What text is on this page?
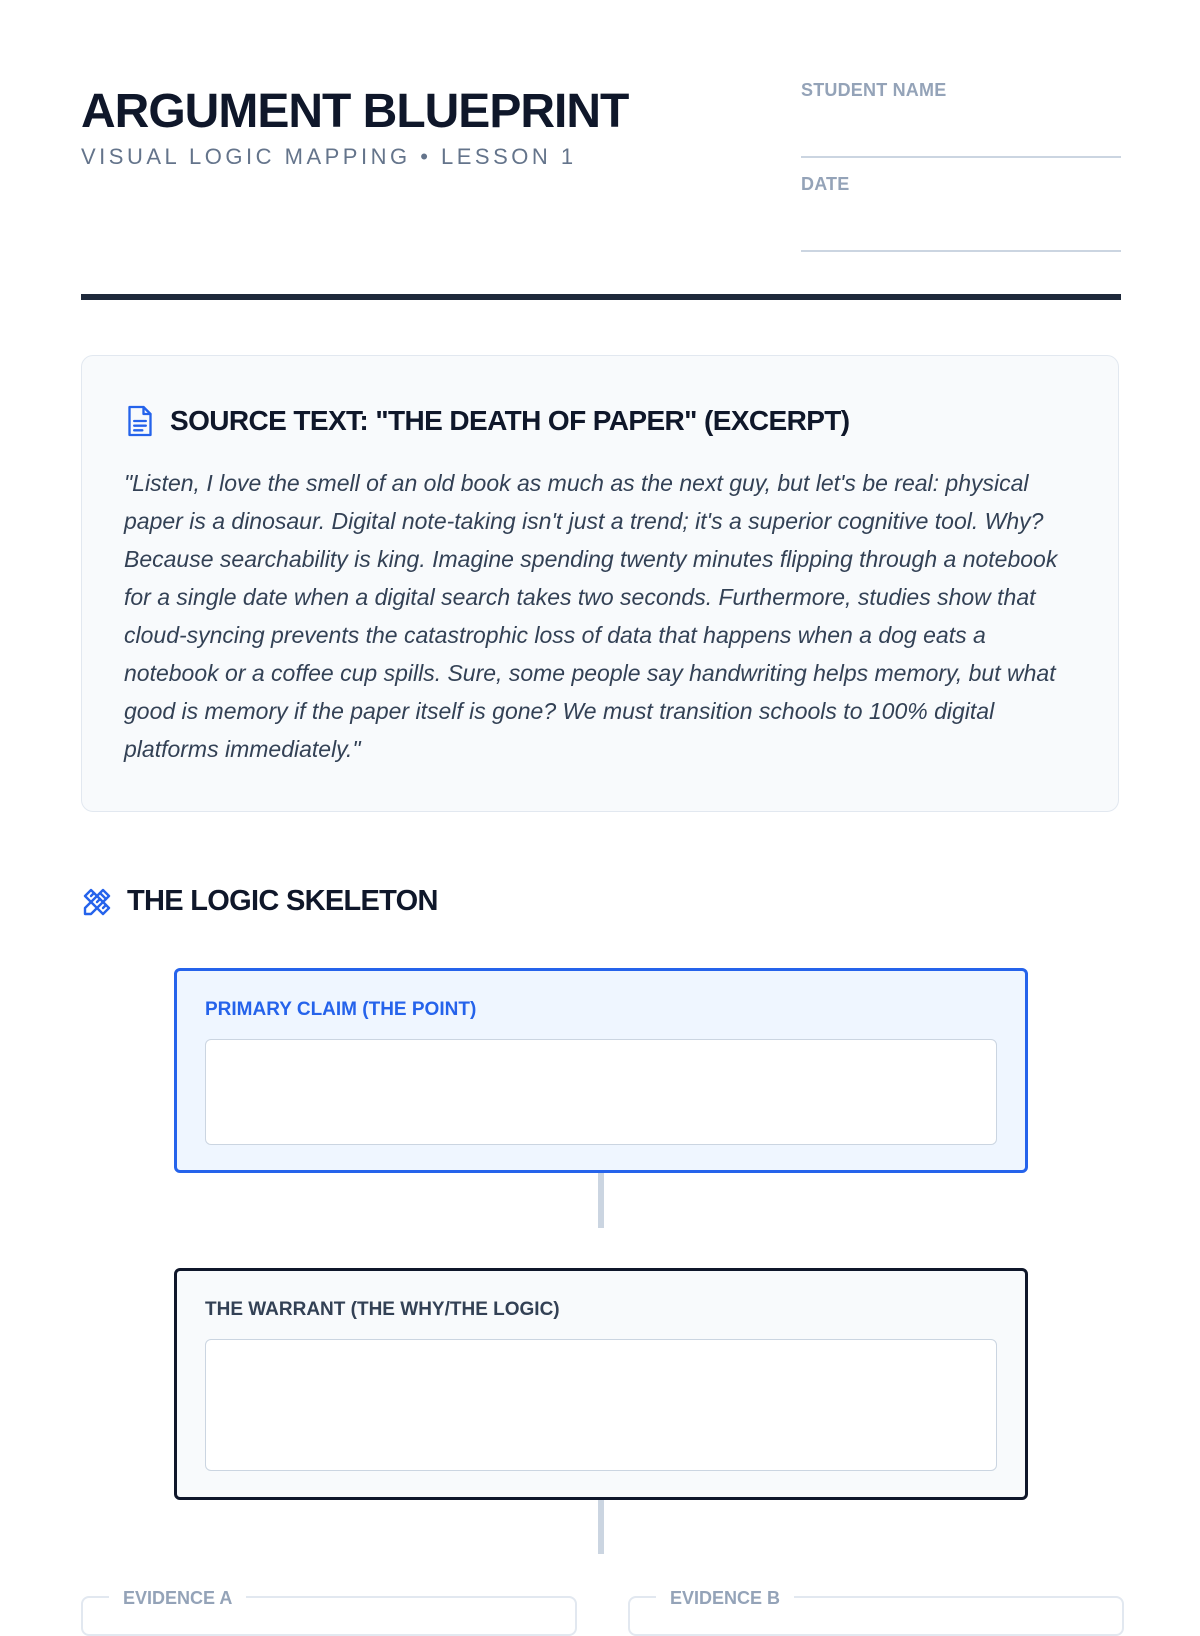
ARGUMENT BLUEPRINT
VISUAL LOGIC MAPPING • LESSON 1
STUDENT NAME
DATE
SOURCE TEXT: "THE DEATH OF PAPER" (EXCERPT)

"Listen, I love the smell of an old book as much as the next guy, but let's be real: physical paper is a dinosaur. Digital note-taking isn't just a trend; it's a superior cognitive tool. Why? Because searchability is king. Imagine spending twenty minutes flipping through a notebook for a single date when a digital search takes two seconds. Furthermore, studies show that cloud-syncing prevents the catastrophic loss of data that happens when a dog eats a notebook or a coffee cup spills. Sure, some people say handwriting helps memory, but what good is memory if the paper itself is gone? We must transition schools to 100% digital platforms immediately."

THE LOGIC SKELETON
PRIMARY CLAIM (THE POINT)
THE WARRANT (THE WHY/THE LOGIC)
EVIDENCE A	EVIDENCE B
